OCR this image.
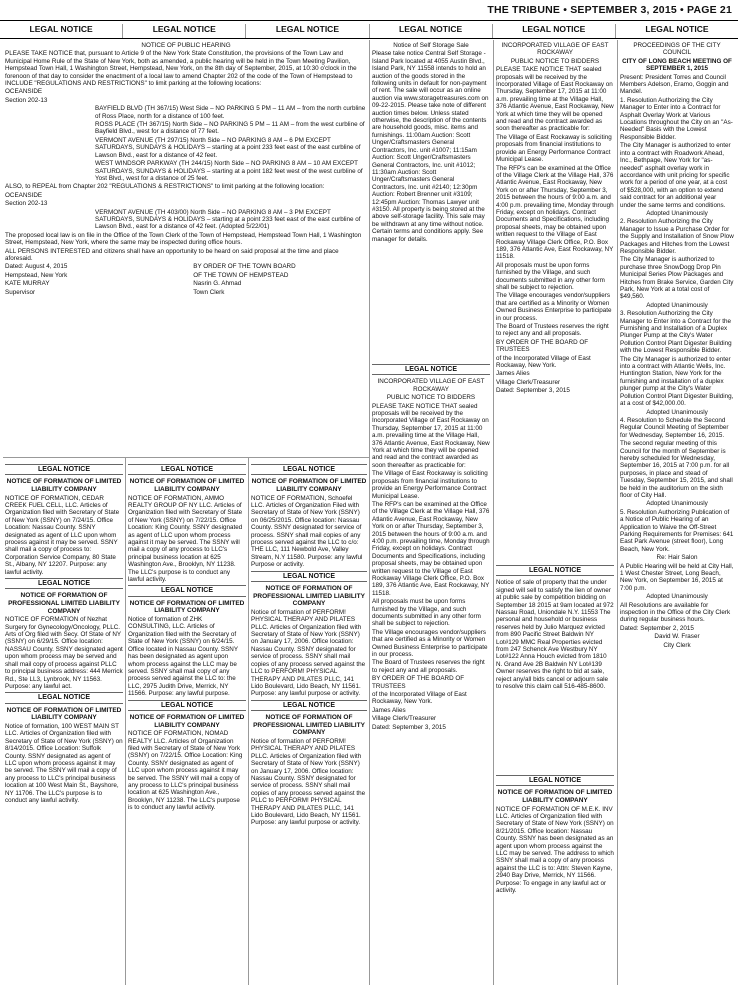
THE TRIBUNE • SEPTEMBER 3, 2015 • PAGE 21
LEGAL NOTICE	LEGAL NOTICE	LEGAL NOTICE	LEGAL NOTICE	LEGAL NOTICE	LEGAL NOTICE

NOTICE OF PUBLIC HEARING

PLEASE TAKE NOTICE that, pursuant to Article 9 of the New York State Constitution, the provisions of the Town Law and Municipal Home Rule of the State of New York, both as amended, a public hearing will be held in the Town Meeting Pavilion, Hempstead Town Hall, 1 Washington Street, Hempstead, New York, on the 8th day of September, 2015, at 10:30 o'clock in the forenoon of that day to consider the enactment of a local law to amend Chapter 202 of the code of the Town of Hempstead to INCLUDE "REGULATIONS AND RESTRICTIONS" to limit parking at the following locations:

OCEANSIDE

Section 202-13

BAYFIELD BLVD (TH 367/15) West Side – NO PARKING 5 PM – 11 AM – from the north curbline of Ross Place, north for a distance of 100 feet.

ROSS PLACE (TH 367/15) North Side – NO PARKING 5 PM – 11 AM – from the west curbline of Bayfield Blvd., west for a distance of 77 feet.

VERMONT AVENUE (TH 297/15) North Side – NO PARKING 8 AM – 6 PM EXCEPT SATURDAYS, SUNDAYS & HOLIDAYS – starting at a point 233 feet east of the east curbline of Lawson Blvd., east for a distance of 42 feet.

WEST WINDSOR PARKWAY (TH 244/15) North Side – NO PARKING 8 AM – 10 AM EXCEPT SATURDAYS, SUNDAYS & HOLIDAYS – starting at a point 182 feet west of the west curbline of Yost Blvd., west for a distance of 25 feet.

ALSO, to REPEAL from Chapter 202 "REGULATIONS & RESTRICTIONS" to limit parking at the following location:

OCEANSIDE

Section 202-13

VERMONT AVENUE (TH 403/00) North Side – NO PARKING 8 AM – 3 PM EXCEPT SATURDAYS, SUNDAYS & HOLIDAYS – starting at a point 233 feet east of the east curbline of Lawson Blvd., east for a distance of 42 feet. (Adopted 5/22/01)

The proposed local law is on file in the Office of the Town Clerk of the Town of Hempstead, Hempstead Town Hall, 1 Washington Street, Hempstead, New York, where the same may be inspected during office hours.

ALL PERSONS INTERESTED and citizens shall have an opportunity to be heard on said proposal at the time and place aforesaid.

Dated: August 4, 2015

Hempstead, New York

KATE MURRAY

Supervisor

BY ORDER OF THE TOWN BOARD

OF THE TOWN OF HEMPSTEAD

Nasrin G. Ahmad

Town Clerk

Notice of Self Storage Sale

Please take notice Central Self Storage - Island Park located at 4055 Austin Blvd., Island Park, NY 11558 intends to hold an auction of the goods stored in the following units in default for non-payment of rent. The sale will occur as an online auction via www.storagetreasures.com on 09-22-2015. Please take note of different auction times below. Unless stated otherwise, the description of the contents are household goods, misc. items and furnishings. 11:00am Auction: Scott Unger/Craftsmasters General Contractors, Inc. unit #1007; 11:15am Auction: Scott Unger/Craftsmasters General Contractors, Inc. unit #1012; 11:30am Auction: Scott Unger/Craftsmasters General Contractors, Inc. unit #2140; 12:30pm Auction: Robert Brenner unit #3109; 12:45pm Auction: Thomas Lawyer unit #3150. All property is being stored at the above self-storage facility. This sale may be withdrawn at any time without notice. Certain terms and conditions apply. See manager for details.

LEGAL NOTICE

INCORPORATED VILLAGE OF EAST ROCKAWAY

PUBLIC NOTICE TO BIDDERS

PLEASE TAKE NOTICE THAT sealed proposals will be received by the Incorporated Village of East Rockaway on Thursday, September 17, 2015 at 11:00 a.m. prevailing time at the Village Hall, 376 Atlantic Avenue, East Rockaway, New York at which time they will be opened and read and the contract awarded as soon thereafter as practicable for:

The Village of East Rockaway is soliciting proposals from financial institutions to provide an Energy Performance Contract Municipal Lease.

The RFP's can be examined at the Office of the Village Clerk at the Village Hall, 376 Atlantic Avenue, East Rockaway, New York on or after Thursday, September 3, 2015 between the hours of 9:00 a.m. and 4:00 p.m. prevailing time, Monday through Friday, except on holidays. Contract Documents and Specifications, including proposal sheets, may be obtained upon written request to the Village of East Rockaway Village Clerk Office, P.O. Box 189, 376 Atlantic Ave, East Rockaway, NY 11518.

All proposals must be upon forms furnished by the Village, and such documents submitted in any other form shall be subject to rejection.

The Village encourages vendor/suppliers that are certified as a Minority or Women Owned Business Enterprise to participate in our process.

The Board of Trustees reserves the right to reject any and all proposals.

BY ORDER OF THE BOARD OF TRUSTEES

of the Incorporated Village of East Rockaway, New York.

James Alies

Village Clerk/Treasurer

Dated: September 3, 2015

INCORPORATED VILLAGE OF EAST ROCKAWAY

PUBLIC NOTICE TO BIDDERS

PLEASE TAKE NOTICE THAT sealed proposals will be received by the Incorporated Village of East Rockaway on Thursday, September 17, 2015 at 11:00 a.m. prevailing time at the Village Hall, 376 Atlantic Avenue, East Rockaway, New York at which time they will be opened and read and the contract awarded as soon thereafter as practicable for:

The Village of East Rockaway is soliciting proposals from financial institutions to provide an Energy Performance Contract Municipal Lease.

The RFP's can be examined at the Office of the Village Clerk at the Village Hall, 376 Atlantic Avenue, East Rockaway, New York on or after Thursday, September 3, 2015 between the hours of 9:00 a.m. and 4:00 p.m. prevailing time, Monday through Friday, except on holidays. Contract Documents and Specifications, including proposal sheets, may be obtained upon written request to the Village of East Rockaway Village Clerk Office, P.O. Box 189, 376 Atlantic Ave, East Rockaway, NY 11518.

All proposals must be upon forms furnished by the Village, and such documents submitted in any other form shall be subject to rejection.

The Village encourages vendor/suppliers that are certified as a Minority or Women Owned Business Enterprise to participate in our process.

The Board of Trustees reserves the right to reject any and all proposals.

BY ORDER OF THE BOARD OF TRUSTEES

of the Incorporated Village of East Rockaway, New York.

James Alies

Village Clerk/Treasurer

Dated: September 3, 2015

LEGAL NOTICE

Notice of sale of property that the under signed will sell to satisfy the lien of owner at public sale by competition bidding on September 18 2015 at 9am located at 972 Nassau Road, Uniondale N.Y. 11553 The personal and household or business reserves held by Julio Marquez evicted from 890 Pacific Street Baldwin NY Lot#129 MMC Real Properties evicted from 247 Schenck Ave Westbury NY Lot#122 Anna Houch evicted from 1810 N. Grand Ave 2B Baldwin NY Lot#139 Owner reserves the right to bid at sale, reject any/all bids cancel or adjourn sale to resolve this claim call 516-485-8600.

LEGAL NOTICE

NOTICE OF FORMATION OF LIMITED LIABILITY COMPANY

NOTICE OF FORMATION OF M.E.K. INV LLC. Articles of Organization filed with Secretary of State of New York (SSNY) on 8/21/2015. Office location: Nassau County. SSNY has been designated as an agent upon whom process against the LLC may be served. The address to which SSNY shall mail a copy of any process against the LLC is to: Attn: Steven Kayne, 2940 Bay Drive, Merrick, NY 11566. Purpose: To engage in any lawful act or activity.

PROCEEDINGS OF THE CITY COUNCIL

CITY OF LONG BEACH MEETING OF SEPTEMBER 1, 2015

Present: President Torres and Council Members Adelson, Eramo, Goggin and Mandel.

1. Resolution Authorizing the City Manager to Enter into a Contract for Asphalt Overlay Work at Various Locations throughout the City on an "As-Needed" Basis with the Lowest Responsible Bidder.

The City Manager is authorized to enter into a contract with Roadwork Ahead, Inc., Bethpage, New York for "as-needed" asphalt overlay work in accordance with unit pricing for specific work for a period of one year, at a cost of $528,000, with an option to extend said contract for an additional year under the same terms and conditions.

Adopted Unanimously

2. Resolution Authorizing the City Manager to Issue a Purchase Order for the Supply and Installation of Snow Plow Packages and Hitches from the Lowest Responsible Bidder.

The City Manager is authorized to purchase three SnowDogg Drop Pin Municipal Series Plow Packages and Hitches from Brake Service, Garden City Park, New York at a total cost of $49,560.

Adopted Unanimously

3. Resolution Authorizing the City Manager to Enter into a Contract for the Furnishing and Installation of a Duplex Plunger Pump at the City's Water Pollution Control Plant Digester Building with the Lowest Responsible Bidder.

The City Manager is authorized to enter into a contract with Atlantic Wells, Inc. Huntington Station, New York for the furnishing and installation of a duplex plunger pump at the City's Water Pollution Control Plant Digester Building, at a cost of $42,000.00.

Adopted Unanimously

4. Resolution to Schedule the Second Regular Council Meeting of September for Wednesday, September 16, 2015.

The second regular meeting of this Council for the month of September is hereby scheduled for Wednesday, September 16, 2015 at 7:00 p.m. for all purposes, in place and stead of Tuesday, September 15, 2015, and shall be held in the auditorium on the sixth floor of City Hall.

Adopted Unanimously

5. Resolution Authorizing Publication of a Notice of Public Hearing of an Application to Waive the Off-Street Parking Requirements for Premises: 641 East Park Avenue (street floor), Long Beach, New York.

Re: Hair Salon

A Public Hearing will be held at City Hall, 1 West Chester Street, Long Beach, New York, on September 16, 2015 at 7:00 p.m.

Adopted Unanimously

All Resolutions are available for inspection in the Office of the City Clerk during regular business hours.

Dated: September 2, 2015

David W. Fraser

City Clerk

LEGAL NOTICE

NOTICE OF FORMATION OF LIMITED LIABILITY COMPANY

NOTICE OF FORMATION, CEDAR CREEK FUEL CELL, LLC. Articles of Organization filed with Secretary of State of New York (SSNY) on 7/24/15. Office Location: Nassau County. SSNY designated as agent of LLC upon whom process against it may be served. SSNY shall mail a copy of process to: Corporation Service Company, 80 State St., Albany, NY 12207. Purpose: any lawful activity.

LEGAL NOTICE

NOTICE OF FORMATION OF PROFESSIONAL LIMITED LIABILITY COMPANY

NOTICE OF FORMATION of Nezhat Surgery for Gynecology/Oncology, PLLC. Arts of Org filed with Secy. Of State of NY (SSNY) on 6/29/15. Office location: NASSAU County. SSNY designated agent upon whom process may be served and shall mail copy of process against PLLC to principal business address: 444 Merrick Rd., Ste LL3, Lynbrook, NY 11563. Purpose: any lawful act.

LEGAL NOTICE

NOTICE OF FORMATION OF LIMITED LIABILITY COMPANY

Notice of formation, 100 WEST MAIN ST LLC. Articles of Organization filed with Secretary of State of New York (SSNY) on 8/14/2015. Office Location: Suffolk County. SSNY designated as agent of LLC upon whom process against it may be served. The SSNY will mail a copy of any process to LLC's principal business location at 100 West Main St., Bayshore, NY 11706. The LLC's purpose is to conduct any lawful activity.

LEGAL NOTICE

NOTICE OF FORMATION OF LIMITED LIABILITY COMPANY

NOTICE OF FORMATION, AMMO REALTY GROUP OF NY LLC. Articles of Organization filed with Secretary of State of New York (SSNY) on 7/22/15. Office Location: King County. SSNY designated as agent of LLC upon whom process against it may be served. The SSNY will mail a copy of any process to LLC's principal business location at 625 Washington Ave., Brooklyn, NY 11238. The LLC's purpose is to conduct any lawful activity.

LEGAL NOTICE

NOTICE OF FORMATION OF LIMITED LIABILITY COMPANY

Notice of formation of ZHK CONSULTING, LLC. Articles of Organization filed with the Secretary of State of New York (SSNY) on 6/24/15. Office located in Nassau County. SSNY has been designated as agent upon whom process against the LLC may be served. SSNY shall mail copy of any process served against the LLC to: the LLC, 2975 Judith Drive, Merrick, NY 11566. Purpose: any lawful purpose.

LEGAL NOTICE

NOTICE OF FORMATION OF LIMITED LIABILITY COMPANY

NOTICE OF FORMATION, NOMAD REALTY LLC. Articles of Organization filed with Secretary of State of New York (SSNY) on 7/22/15. Office Location: King County. SSNY designated as agent of LLC upon whom process against it may be served. The SSNY will mail a copy of any process to LLC's principal business location at 625 Washington Ave., Brooklyn, NY 11238. The LLC's purpose is to conduct any lawful activity.

LEGAL NOTICE

NOTICE OF FORMATION OF LIMITED LIABILITY COMPANY

NOTICE OF FORMATION, Schoefel LLC. Articles of Organization Filed with Secretary of State of New York (SSNY) on 06/25/2015. Office location: Nassau County. SSNY designated for service of process. SSNY shall mail copies of any process served against the LLC to c/o: THE LLC, 111 Newbold Ave, Valley Stream, N.Y 11580. Purpose: any lawful Purpose or activity.

LEGAL NOTICE

NOTICE OF FORMATION OF PROFESSIONAL LIMITED LIABILITY COMPANY

Notice of formation of PERFORM! PHYSICAL THERAPY AND PILATES PLLC. Articles of Organization filed with Secretary of State of New York (SSNY) on January 17, 2006. Office location: Nassau County. SSNY designated for service of process. SSNY shall mail copies of any process served against the LLC to PERFORM! PHYSICAL THERAPY AND PILATES PLLC, 141 Lido Boulevard, Lido Beach, NY 11561. Purpose: any lawful purpose or activity.

LEGAL NOTICE

NOTICE OF FORMATION OF PROFESSIONAL LIMITED LIABILITY COMPANY

Notice of formation of PERFORM! PHYSICAL THERAPY AND PILATES PLLC. Articles of Organization filed with Secretary of State of New York (SSNY) on January 17, 2006. Office location: Nassau County. SSNY designated for service of process. SSNY shall mail copies of any process served against the PLLC to PERFORM! PHYSICAL THERAPY AND PILATES PLLC, 141 Lido Boulevard, Lido Beach, NY 11561. Purpose: any lawful purpose or activity.
